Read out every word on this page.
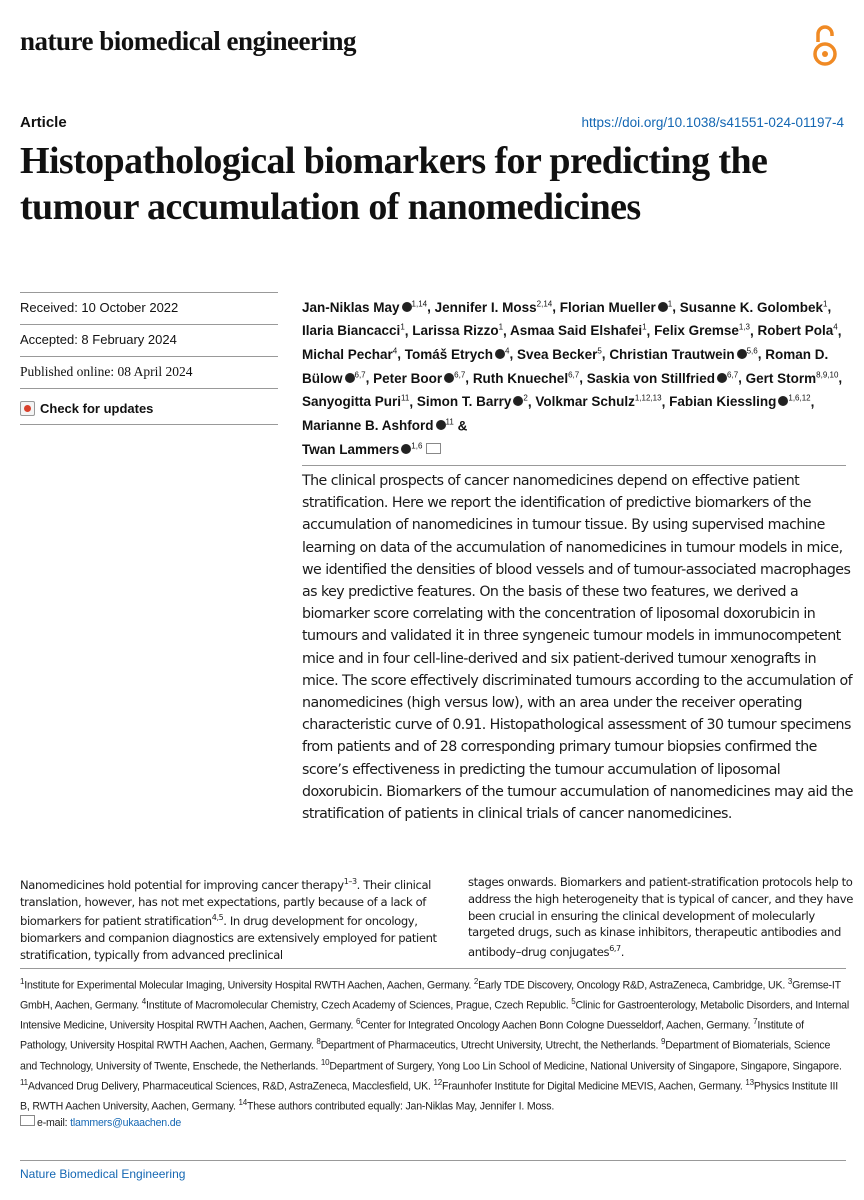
nature biomedical engineering
Article	https://doi.org/10.1038/s41551-024-01197-4
Histopathological biomarkers for predicting the tumour accumulation of nanomedicines
Received: 10 October 2022
Accepted: 8 February 2024
Published online: 08 April 2024
Check for updates
Jan-Niklas May $^{1,14}$, Jennifer I. Moss$^{2,14}$, Florian Mueller $^1$, Susanne K. Golombek$^1$, Ilaria Biancacci$^1$, Larissa Rizzo$^1$, Asmaa Said Elshafei$^1$, Felix Gremse$^{1,3}$, Robert Pola$^4$, Michal Pechar$^4$, Tomáš Etrych $^4$, Svea Becker$^5$, Christian Trautwein $^{5,6}$, Roman D. Bülow $^{6,7}$, Peter Boor $^{6,7}$, Ruth Knuechel$^{6,7}$, Saskia von Stillfried $^{6,7}$, Gert Storm$^{8,9,10}$, Sanyogitta Puri$^{11}$, Simon T. Barry $^2$, Volkmar Schulz$^{1,12,13}$, Fabian Kiessling $^{1,6,12}$, Marianne B. Ashford $^{11}$ &
Twan Lammers $^{1,6}$

The clinical prospects of cancer nanomedicines depend on effective patient stratification. Here we report the identification of predictive biomarkers of the accumulation of nanomedicines in tumour tissue. By using supervised machine learning on data of the accumulation of nanomedicines in tumour models in mice, we identified the densities of blood vessels and of tumour-associated macrophages as key predictive features. On the basis of these two features, we derived a biomarker score correlating with the concentration of liposomal doxorubicin in tumours and validated it in three syngeneic tumour models in immunocompetent mice and in four cell-line-derived and six patient-derived tumour xenografts in mice. The score effectively discriminated tumours according to the accumulation of nanomedicines (high versus low), with an area under the receiver operating characteristic curve of 0.91. Histopathological assessment of 30 tumour specimens from patients and of 28 corresponding primary tumour biopsies confirmed the score’s effectiveness in predicting the tumour accumulation of liposomal doxorubicin. Biomarkers of the tumour accumulation of nanomedicines may aid the stratification of patients in clinical trials of cancer nanomedicines.

Nanomedicines hold potential for improving cancer therapy$^{1-3}$. Their clinical translation, however, has not met expectations, partly because of a lack of biomarkers for patient stratification$^{4,5}$. In drug development for oncology, biomarkers and companion diagnostics are extensively employed for patient stratification, typically from advanced preclinical

stages onwards. Biomarkers and patient-stratification protocols help to address the high heterogeneity that is typical of cancer, and they have been crucial in ensuring the clinical development of molecularly targeted drugs, such as kinase inhibitors, therapeutic antibodies and antibody–drug conjugates$^{6,7}$.

$^1$Institute for Experimental Molecular Imaging, University Hospital RWTH Aachen, Aachen, Germany. $^2$Early TDE Discovery, Oncology R&D, AstraZeneca, Cambridge, UK. $^3$Gremse-IT GmbH, Aachen, Germany. $^4$Institute of Macromolecular Chemistry, Czech Academy of Sciences, Prague, Czech Republic. $^5$Clinic for Gastroenterology, Metabolic Disorders, and Internal Intensive Medicine, University Hospital RWTH Aachen, Aachen, Germany. $^6$Center for Integrated Oncology Aachen Bonn Cologne Duesseldorf, Aachen, Germany. $^7$Institute of Pathology, University Hospital RWTH Aachen, Aachen, Germany. $^8$Department of Pharmaceutics, Utrecht University, Utrecht, the Netherlands. $^9$Department of Biomaterials, Science and Technology, University of Twente, Enschede, the Netherlands. $^{10}$Department of Surgery, Yong Loo Lin School of Medicine, National University of Singapore, Singapore, Singapore. $^{11}$Advanced Drug Delivery, Pharmaceutical Sciences, R&D, AstraZeneca, Macclesfield, UK. $^{12}$Fraunhofer Institute for Digital Medicine MEVIS, Aachen, Germany. $^{13}$Physics Institute III B, RWTH Aachen University, Aachen, Germany. $^{14}$These authors contributed equally: Jan-Niklas May, Jennifer I. Moss.
e-mail: tlammers@ukaachen.de

Nature Biomedical Engineering
